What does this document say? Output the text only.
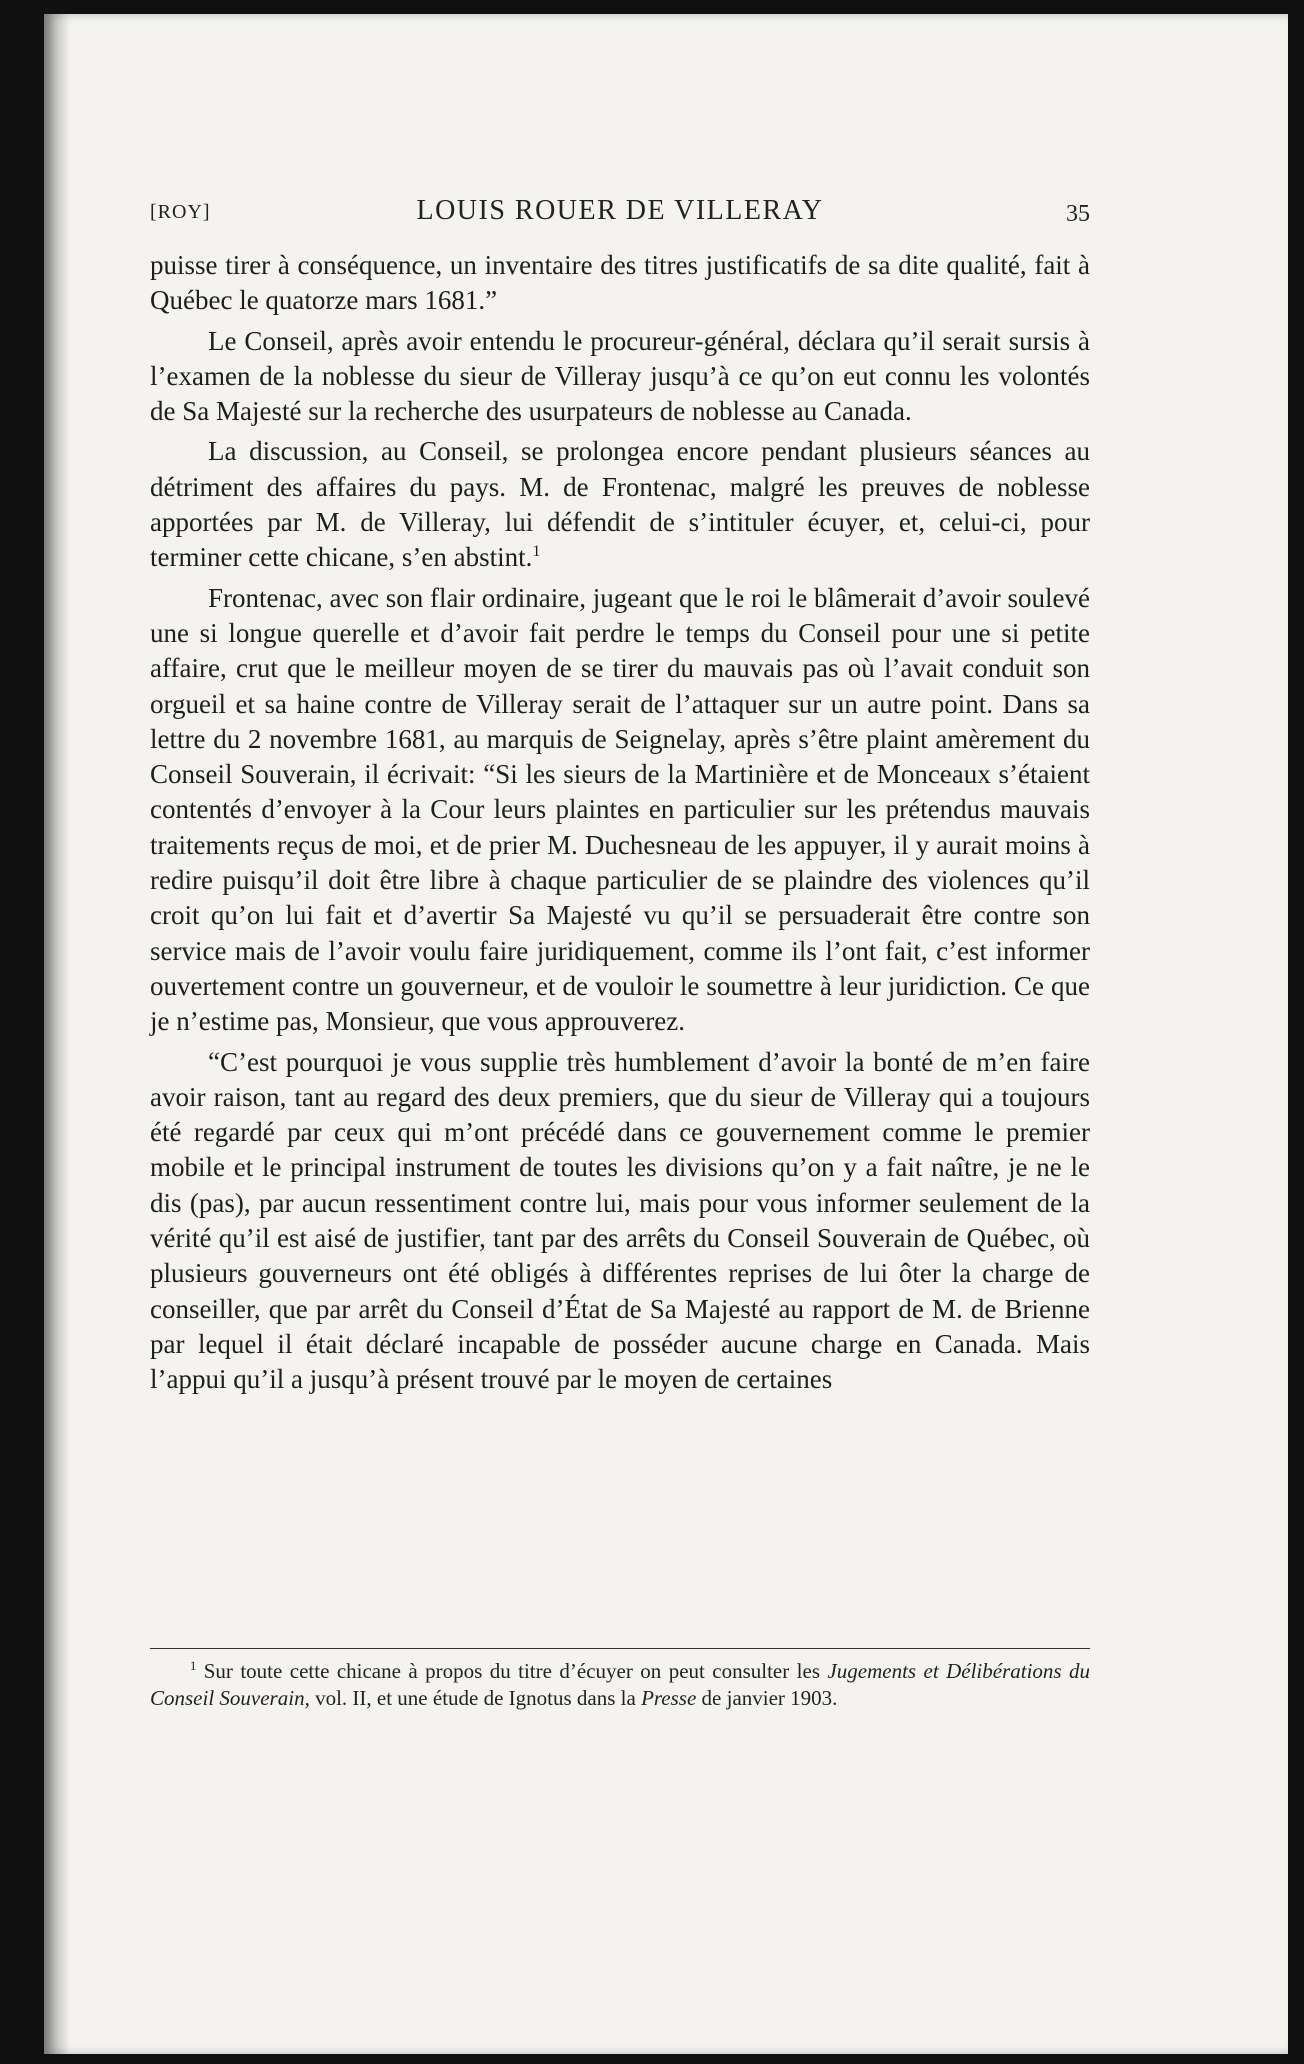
[ROY]	LOUIS ROUER DE VILLERAY	35

puisse tirer à conséquence, un inventaire des titres justificatifs de sa dite qualité, fait à Québec le quatorze mars 1681.”

Le Conseil, après avoir entendu le procureur-général, déclara qu’il serait sursis à l’examen de la noblesse du sieur de Villeray jusqu’à ce qu’on eut connu les volontés de Sa Majesté sur la recherche des usurpateurs de noblesse au Canada.

La discussion, au Conseil, se prolongea encore pendant plusieurs séances au détriment des affaires du pays. M. de Frontenac, malgré les preuves de noblesse apportées par M. de Villeray, lui défendit de s’intituler écuyer, et, celui-ci, pour terminer cette chicane, s’en abstint.$^1$

Frontenac, avec son flair ordinaire, jugeant que le roi le blâmerait d’avoir soulevé une si longue querelle et d’avoir fait perdre le temps du Conseil pour une si petite affaire, crut que le meilleur moyen de se tirer du mauvais pas où l’avait conduit son orgueil et sa haine contre de Villeray serait de l’attaquer sur un autre point. Dans sa lettre du 2 novembre 1681, au marquis de Seignelay, après s’être plaint amèrement du Conseil Souverain, il écrivait: “Si les sieurs de la Martinière et de Monceaux s’étaient contentés d’envoyer à la Cour leurs plaintes en particulier sur les prétendus mauvais traitements reçus de moi, et de prier M. Duchesneau de les appuyer, il y aurait moins à redire puisqu’il doit être libre à chaque particulier de se plaindre des violences qu’il croit qu’on lui fait et d’avertir Sa Majesté vu qu’il se persuaderait être contre son service mais de l’avoir voulu faire juridiquement, comme ils l’ont fait, c’est informer ouvertement contre un gouverneur, et de vouloir le soumettre à leur juridiction. Ce que je n’estime pas, Monsieur, que vous approuverez.

“C’est pourquoi je vous supplie très humblement d’avoir la bonté de m’en faire avoir raison, tant au regard des deux premiers, que du sieur de Villeray qui a toujours été regardé par ceux qui m’ont précédé dans ce gouvernement comme le premier mobile et le principal instrument de toutes les divisions qu’on y a fait naître, je ne le dis (pas), par aucun ressentiment contre lui, mais pour vous informer seulement de la vérité qu’il est aisé de justifier, tant par des arrêts du Conseil Souverain de Québec, où plusieurs gouverneurs ont été obligés à différentes reprises de lui ôter la charge de conseiller, que par arrêt du Conseil d’État de Sa Majesté au rapport de M. de Brienne par lequel il était déclaré incapable de posséder aucune charge en Canada. Mais l’appui qu’il a jusqu’à présent trouvé par le moyen de certaines

$^1$ Sur toute cette chicane à propos du titre d’écuyer on peut consulter les Jugements et Délibérations du Conseil Souverain, vol. II, et une étude de Ignotus dans la Presse de janvier 1903.
